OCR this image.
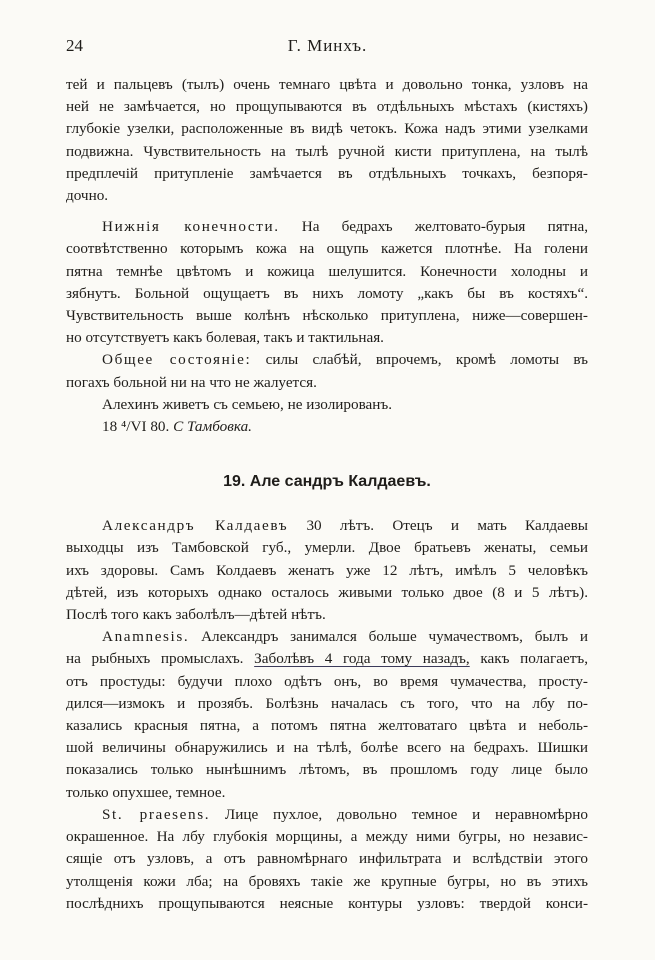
24	Г. Минхъ.

тей и пальцевъ (тылъ) очень темнаго цвѣта и довольно тонка, узловъ на
ней не замѣчается, но прощупываются въ отдѣльныхъ мѣстахъ (кистяхъ)
глубокіе узелки, расположенные въ видѣ четокъ. Кожа надъ этими узелками
подвижна. Чувствительность на тылѣ ручной кисти притуплена, на тылѣ
предплечій притупленіе замѣчается въ отдѣльныхъ точкахъ, безпоря-
дочно.

Нижнія конечности. На бедрахъ желтовато-бурыя пятна,
соотвѣтственно которымъ кожа на ощупь кажется плотнѣе. На голени
пятна темнѣе цвѣтомъ и кожица шелушится. Конечности холодны и
зябнутъ. Больной ощущаетъ въ нихъ ломоту „какъ бы въ костяхъ“.
Чувствительность выше колѣнъ нѣсколько притуплена, ниже—совершен-
но отсутствуетъ какъ болевая, такъ и тактильная.

Общее состояніе: силы слабѣй, впрочемъ, кромѣ ломоты въ
погахъ больной ни на что не жалуется.

Алехинъ живетъ съ семьею, не изолированъ.

18 ⁴/VI 80. С Тамбовка.

19. Але сандръ Калдаевъ.

Александръ Калдаевъ 30 лѣтъ. Отецъ и мать Калдаевы
выходцы изъ Тамбовской губ., умерли. Двое братьевъ женаты, семьи
ихъ здоровы. Самъ Колдаевъ женатъ уже 12 лѣтъ, имѣлъ 5 человѣкъ
дѣтей, изъ которыхъ однако осталось живыми только двое (8 и 5 лѣтъ).
Послѣ того какъ заболѣлъ—дѣтей нѣтъ.

Anamnesis. Александръ занимался больше чумачествомъ, былъ и
на рыбныхъ промыслахъ. Заболѣвъ 4 года тому назадъ, какъ полагаетъ,
отъ простуды: будучи плохо одѣтъ онъ, во время чумачества, просту-
дился—измокъ и прозябъ. Болѣзнь началась съ того, что на лбу по-
казались красныя пятна, а потомъ пятна желтоватаго цвѣта и неболь-
шой величины обнаружились и на тѣлѣ, болѣе всего на бедрахъ. Шишки
показались только нынѣшнимъ лѣтомъ, въ прошломъ году лице было
только опухшее, темное.

St. praesens. Лице пухлое, довольно темное и неравномѣрно
окрашенное. На лбу глубокія морщины, а между ними бугры, но независ-
сящіе отъ узловъ, а отъ равномѣрнаго инфильтрата и вслѣдствіи этого
утолщенія кожи лба; на бровяхъ такіе же крупные бугры, но въ этихъ
послѣднихъ прощупываются неясные контуры узловъ: твердой конси-
